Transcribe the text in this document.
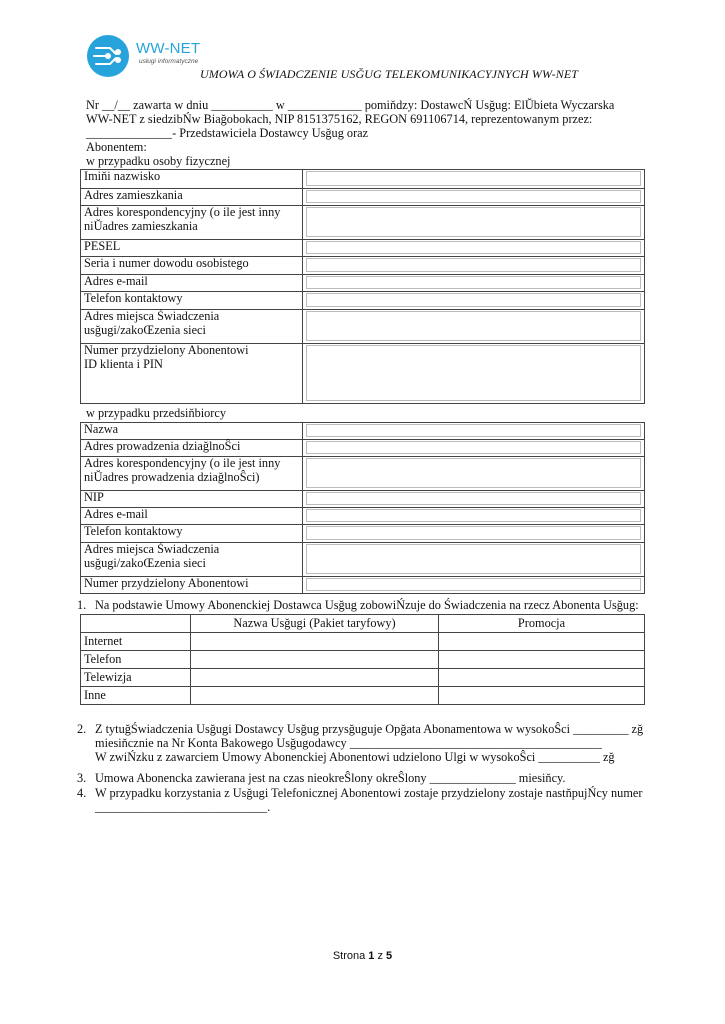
WW-NET
usługi informatyczne
UMOWA O ŚWIADCZENIE USĞUG TELEKOMUNIKACYJNYCH WW-NET
Nr __/__ zawarta w dniu __________ w ____________ pomiňdzy: DostawcŃ Usğug: ElŬbieta Wyczarska
WW-NET z siedzibŃw Biağobokach, NIP 8151375162, REGON 691106714, reprezentowanym przez:
______________- Przedstawiciela Dostawcy Usğug oraz
Abonentem:
w przypadku osoby fizycznej
Imiňi nazwisko	

Adres zamieszkania	

Adres korespondencyjny (o ile jest inny
niŬadres zamieszkania	

PESEL	

Seria i numer dowodu osobistego	

Adres e-mail	

Telefon kontaktowy	

Adres miejsca Świadczenia
usğugi/zakoŒzenia sieci	

Numer przydzielony Abonentowi
ID klienta i PIN	
w przypadku przedsiňbiorcy
Nazwa	

Adres prowadzenia dziağlnoŜci	

Adres korespondencyjny (o ile jest inny
niŬadres prowadzenia dziağlnoŜci)	

NIP	

Adres e-mail	

Telefon kontaktowy	

Adres miejsca Świadczenia
usğugi/zakoŒzenia sieci	

Numer przydzielony Abonentowi	
1. Na podstawie Umowy Abonenckiej Dostawca Usğug zobowiŃzuje do Świadczenia na rzecz Abonenta Usğug:
	Nazwa Usğugi (Pakiet taryfowy)	Promocja
Internet		
Telefon		
Telewizja		
Inne		
2. Z tytuğŚwiadczenia Usğugi Dostawcy Usğug przysğuguje Opğata Abonamentowa w wysokoŜci _________ zğ
miesiňcznie na Nr Konta Bakowego Usğugodawcy _________________________________________
W zwiŃzku z zawarciem Umowy Abonenckiej Abonentowi udzielono Ulgi w wysokoŜci __________ zğ
3. Umowa Abonencka zawierana jest na czas nieokreŜlony okreŜlony ______________ miesiňcy.
4. W przypadku korzystania z Usğugi Telefonicznej Abonentowi zostaje przydzielony zostaje nastňpujŃcy numer
____________________________.
Strona 1 z 5
